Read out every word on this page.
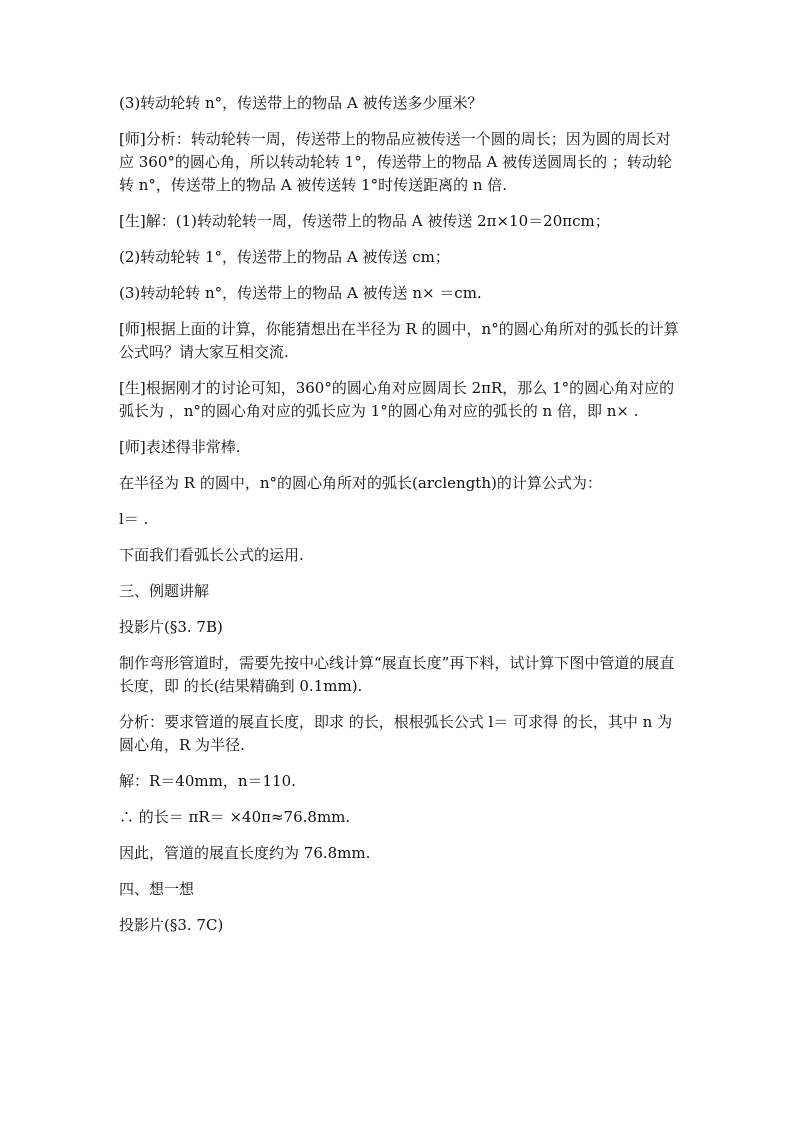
(3)转动轮转 n°，传送带上的物品 A 被传送多少厘米？

[师]分析：转动轮转一周，传送带上的物品应被传送一个圆的周长；因为圆的周长对应 360°的圆心角，所以转动轮转 1°，传送带上的物品 A 被传送圆周长的 ；转动轮转 n°，传送带上的物品 A 被传送转 1°时传送距离的 n 倍.

[生]解：(1)转动轮转一周，传送带上的物品 A 被传送 2π×10＝20πcm；

(2)转动轮转 1°，传送带上的物品 A 被传送 cm；

(3)转动轮转 n°，传送带上的物品 A 被传送 n× ＝cm.

[师]根据上面的计算，你能猜想出在半径为 R 的圆中，n°的圆心角所对的弧长的计算公式吗？请大家互相交流.

[生]根据刚才的讨论可知，360°的圆心角对应圆周长 2πR，那么 1°的圆心角对应的弧长为 ，n°的圆心角对应的弧长应为 1°的圆心角对应的弧长的 n 倍，即 n× .

[师]表述得非常棒.

在半径为 R 的圆中，n°的圆心角所对的弧长(arclength)的计算公式为：

l＝ .

下面我们看弧长公式的运用.

三、例题讲解

投影片(§3. 7B)

制作弯形管道时，需要先按中心线计算“展直长度”再下料，试计算下图中管道的展直长度，即 的长(结果精确到 0.1mm).

分析：要求管道的展直长度，即求 的长，根根弧长公式 l＝ 可求得 的长，其中 n 为圆心角，R 为半径.

解：R＝40mm，n＝110.

∴ 的长＝ πR＝ ×40π≈76.8mm.

因此，管道的展直长度约为 76.8mm.

四、想一想

投影片(§3. 7C)
